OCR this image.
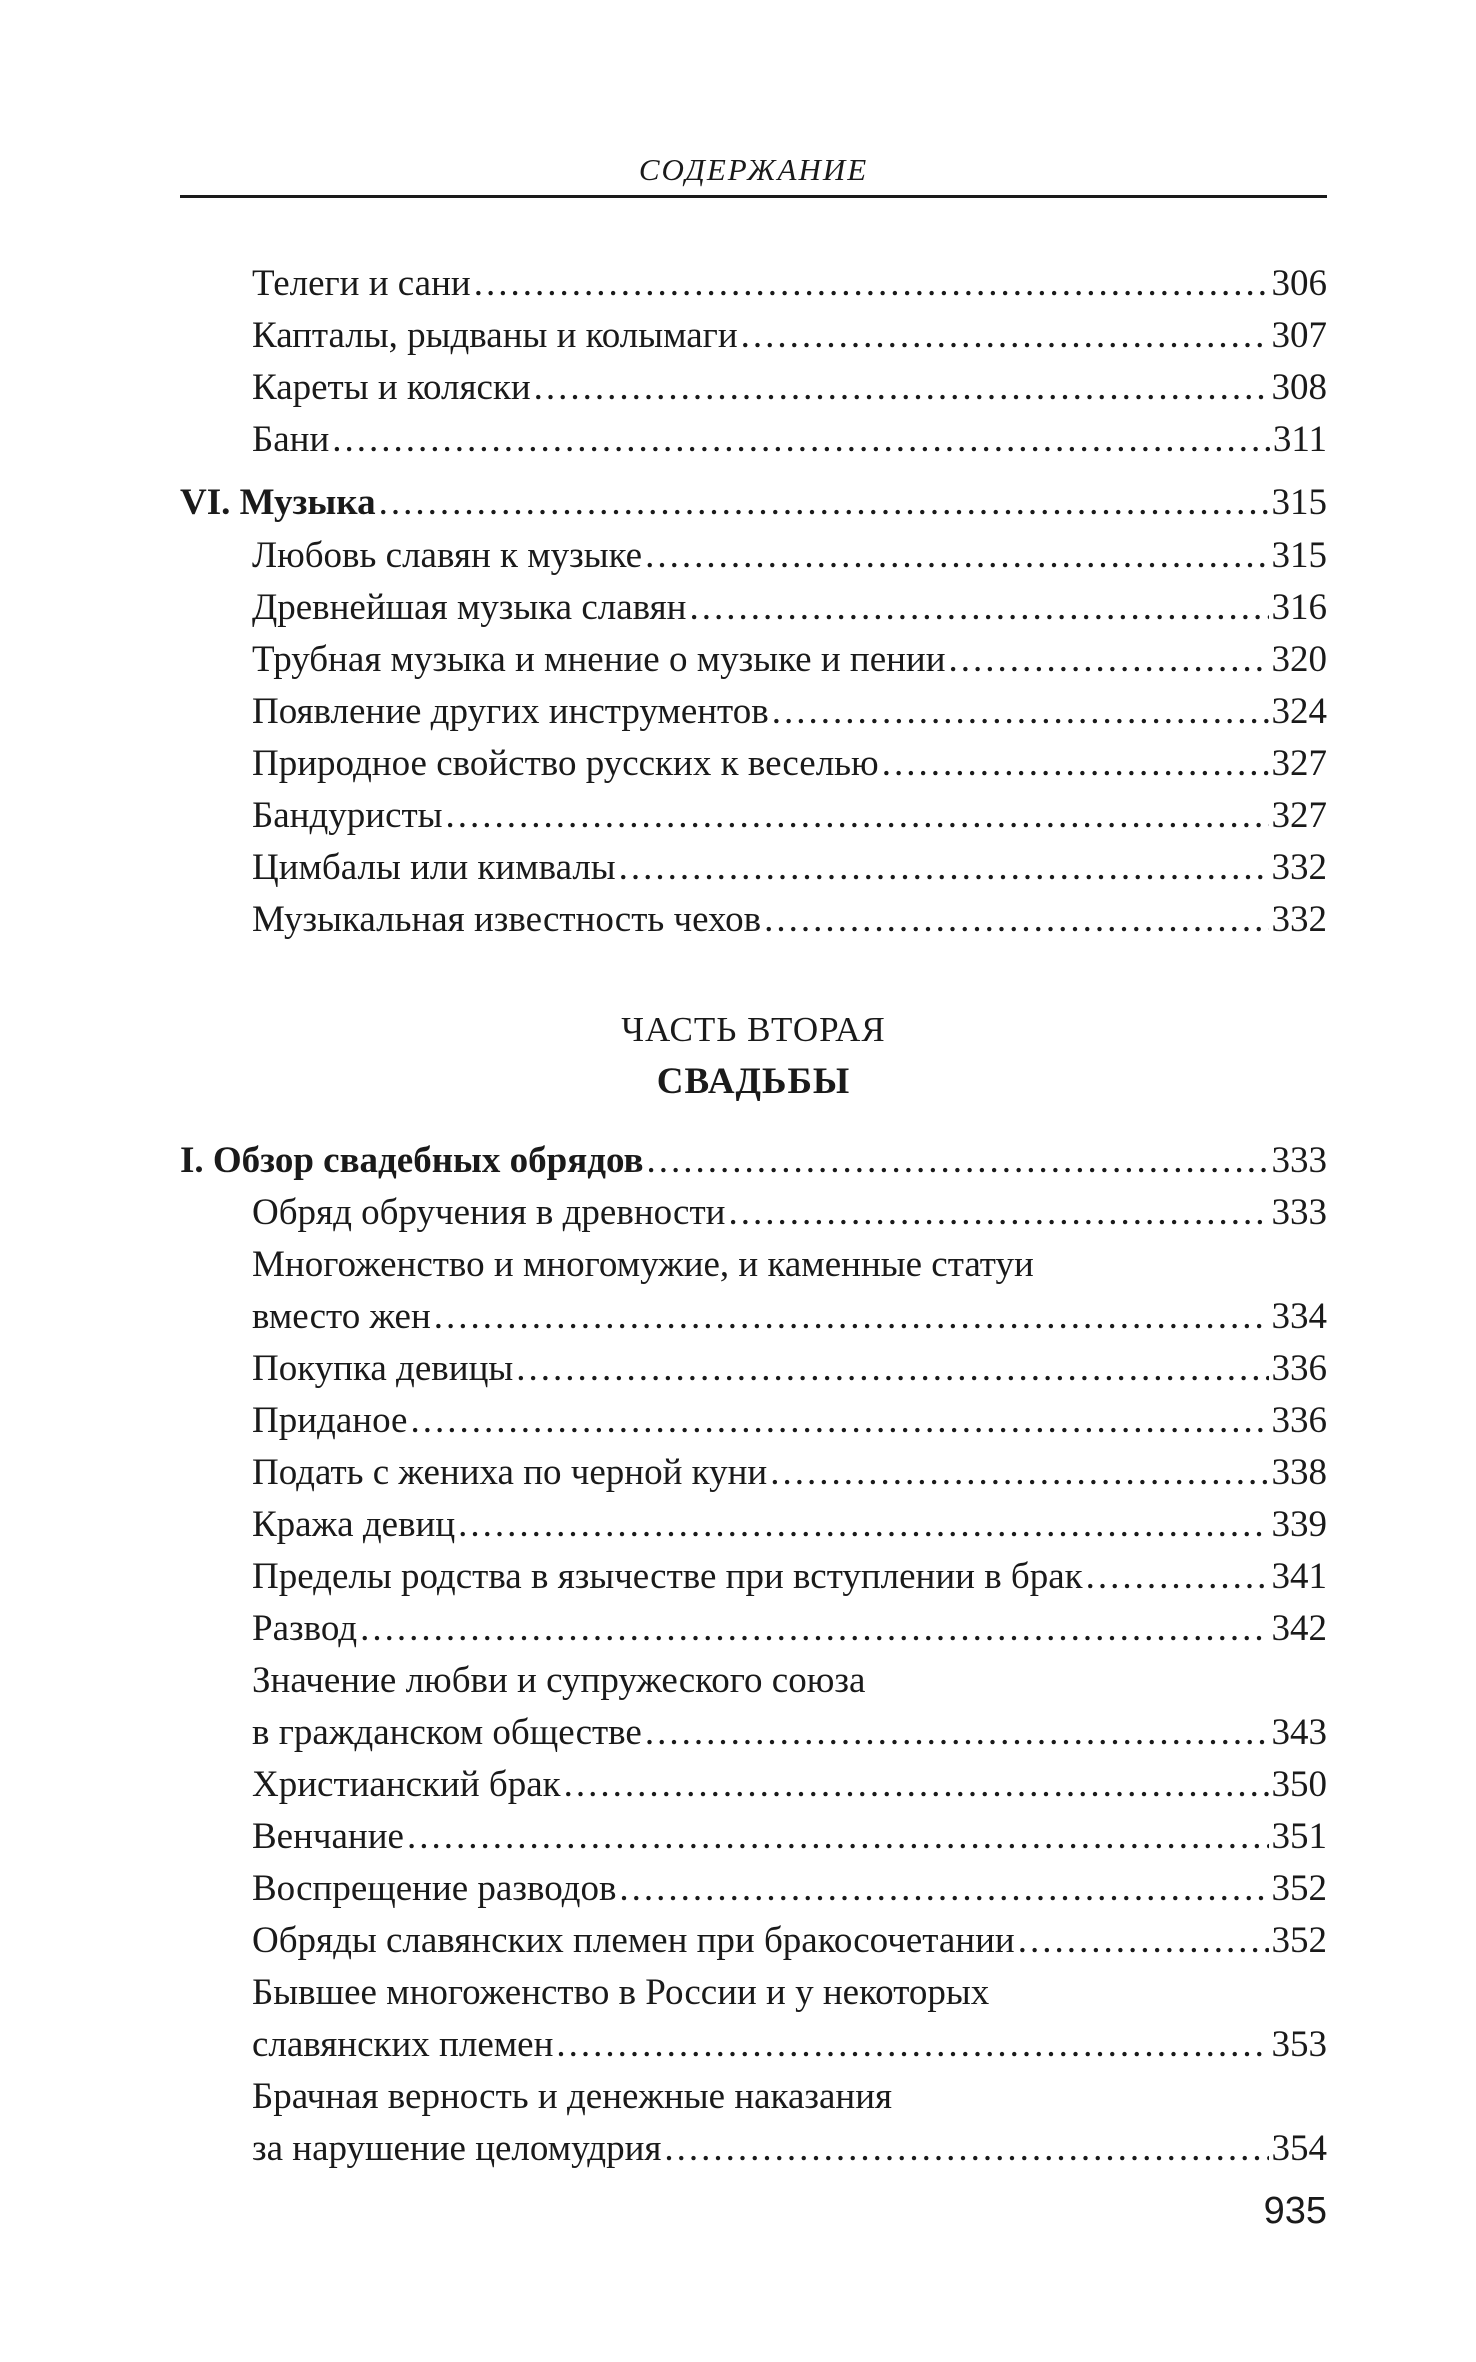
СОДЕРЖАНИЕ
Телеги и сани .....	306
Капталы, рыдваны и колымаги .....	307
Кареты и коляски .....	308
Бани .....	311
VI. Музыка .....	315
Любовь славян к музыке .....	315
Древнейшая музыка славян .....	316
Трубная музыка и мнение о музыке и пении .....	320
Появление других инструментов .....	324
Природное свойство русских к веселью .....	327
Бандуристы .....	327
Цимбалы или кимвалы .....	332
Музыкальная известность чехов .....	332
ЧАСТЬ ВТОРАЯ
СВАДЬБЫ
I. Обзор свадебных обрядов .....	333
Обряд обручения в древности .....	333
Многоженство и многомужие, и каменные статуи
вместо жен .....	334
Покупка девицы .....	336
Приданое .....	336
Подать с жениха по черной куни .....	338
Кража девиц .....	339
Пределы родства в язычестве при вступлении в брак .....	341
Развод .....	342
Значение любви и супружеского союза
в гражданском обществе .....	343
Христианский брак .....	350
Венчание .....	351
Воспрещение разводов .....	352
Обряды славянских племен при бракосочетании .....	352
Бывшее многоженство в России и у некоторых
славянских племен .....	353
Брачная верность и денежные наказания
за нарушение целомудрия .....	354
935
